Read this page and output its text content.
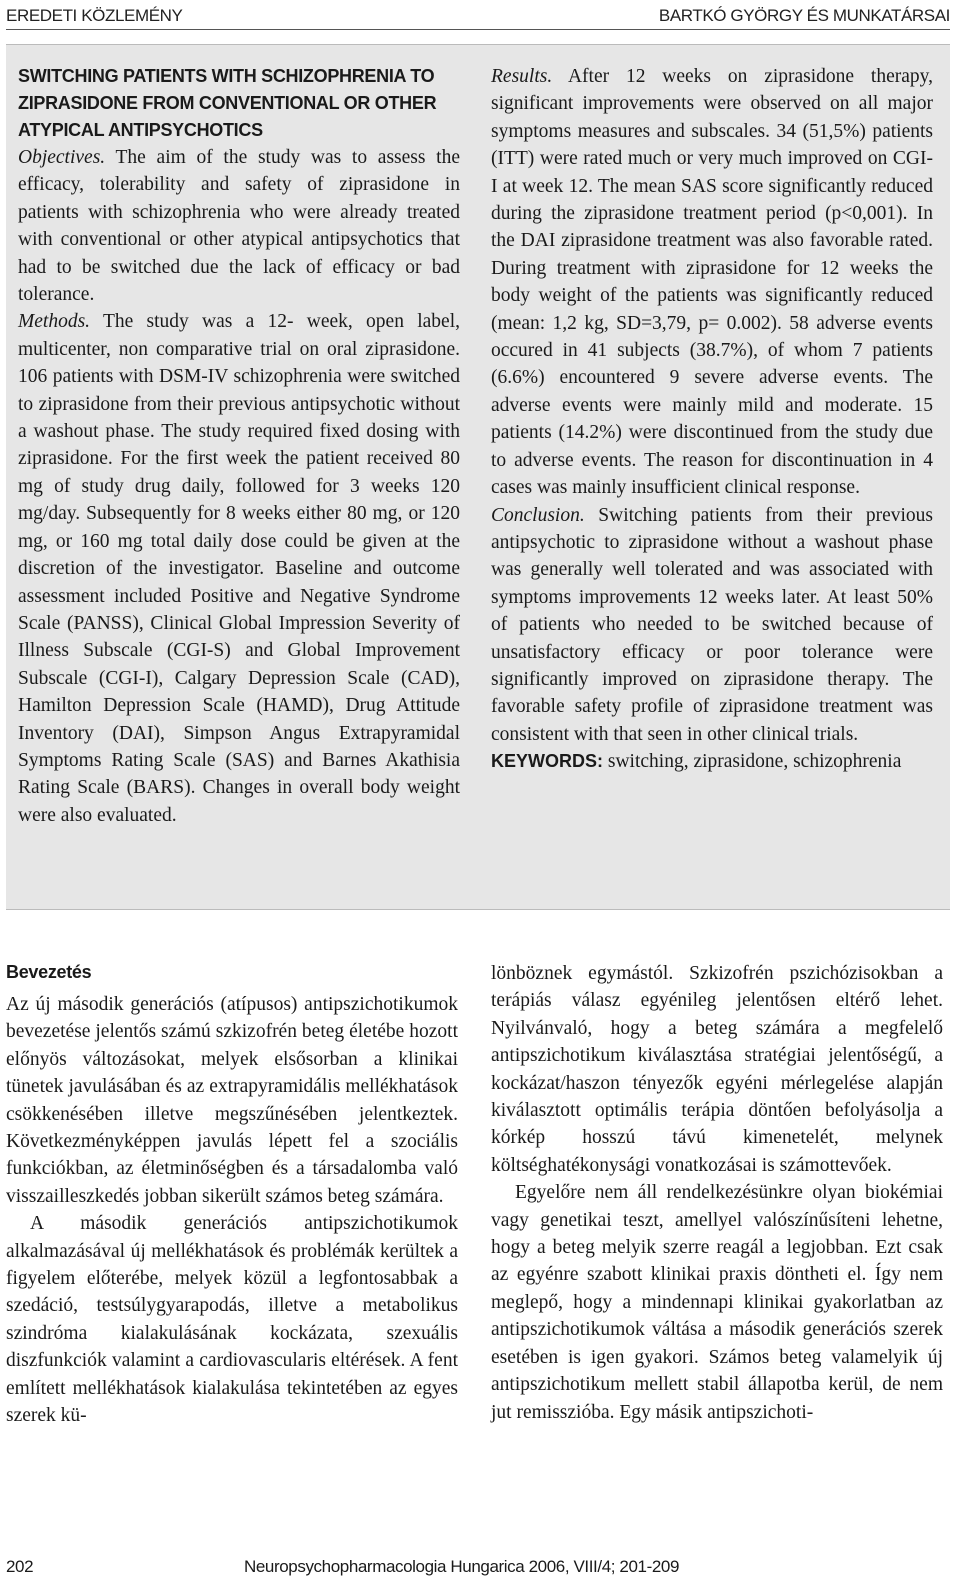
EREDETI KÖZLEMÉNY	BARTKÓ GYÖRGY ÉS MUNKATÁRSAI
SWITCHING PATIENTS WITH SCHIZOPHRENIA TO ZIPRASIDONE FROM CONVENTIONAL OR OTHER ATYPICAL ANTIPSYCHOTICS
Objectives. The aim of the study was to assess the efficacy, tolerability and safety of ziprasidone in patients with schizophrenia who were already treated with conventional or other atypical antipsychotics that had to be switched due the lack of efficacy or bad tolerance.
Methods. The study was a 12- week, open label, multicenter, non comparative trial on oral ziprasidone. 106 patients with DSM-IV schizophrenia were switched to ziprasidone from their previous antipsychotic without a washout phase. The study required fixed dosing with ziprasidone. For the first week the patient received 80 mg of study drug daily, followed for 3 weeks 120 mg/day. Subsequently for 8 weeks either 80 mg, or 120 mg, or 160 mg total daily dose could be given at the discretion of the investigator. Baseline and outcome assessment included Positive and Negative Syndrome Scale (PANSS), Clinical Global Impression Severity of Illness Subscale (CGI-S) and Global Improvement Subscale (CGI-I), Calgary Depression Scale (CAD), Hamilton Depression Scale (HAMD), Drug Attitude Inventory (DAI), Simpson Angus Extrapyramidal Symptoms Rating Scale (SAS) and Barnes Akathisia Rating Scale (BARS). Changes in overall body weight were also evaluated.
Results. After 12 weeks on ziprasidone therapy, significant improvements were observed on all major symptoms measures and subscales. 34 (51,5%) patients (ITT) were rated much or very much improved on CGI-I at week 12. The mean SAS score significantly reduced during the ziprasidone treatment period (p<0,001). In the DAI ziprasidone treatment was also favorable rated. During treatment with ziprasidone for 12 weeks the body weight of the patients was significantly reduced (mean: 1,2 kg, SD=3,79, p= 0.002). 58 adverse events occured in 41 subjects (38.7%), of whom 7 patients (6.6%) encountered 9 severe adverse events. The adverse events were mainly mild and moderate. 15 patients (14.2%) were discontinued from the study due to adverse events. The reason for discontinuation in 4 cases was mainly insufficient clinical response.
Conclusion. Switching patients from their previous antipsychotic to ziprasidone without a washout phase was generally well tolerated and was associated with symptoms improvements 12 weeks later. At least 50% of patients who needed to be switched because of unsatisfactory efficacy or poor tolerance were significantly improved on ziprasidone therapy. The favorable safety profile of ziprasidone treatment was consistent with that seen in other clinical trials.
KEYWORDS: switching, ziprasidone, schizophrenia
Bevezetés

Az új második generációs (atípusos) antipszichotikumok bevezetése jelentős számú szkizofrén beteg életébe hozott előnyös változásokat, melyek elsősorban a klinikai tünetek javulásában és az extrapyramidális mellékhatások csökkenésében illetve megszűnésében jelentkeztek. Következményképpen javulás lépett fel a szociális funkciókban, az életminőségben és a társadalomba való visszailleszkedés jobban sikerült számos beteg számára.

A második generációs antipszichotikumok alkalmazásával új mellékhatások és problémák kerültek a figyelem előterébe, melyek közül a legfontosabbak a szedáció, testsúlygyarapodás, illetve a metabolikus szindróma kialakulásának kockázata, szexuális diszfunkciók valamint a cardiovascularis eltérések. A fent említett mellékhatások kialakulása tekintetében az egyes szerek kü-

lönböznek egymástól. Szkizofrén pszichózisokban a terápiás válasz egyénileg jelentősen eltérő lehet. Nyilvánvaló, hogy a beteg számára a megfelelő antipszichotikum kiválasztása stratégiai jelentőségű, a kockázat/haszon tényezők egyéni mérlegelése alapján kiválasztott optimális terápia döntően befolyásolja a kórkép hosszú távú kimenetelét, melynek költséghatékonysági vonatkozásai is számottevőek.

Egyelőre nem áll rendelkezésünkre olyan biokémiai vagy genetikai teszt, amellyel valószínűsíteni lehetne, hogy a beteg melyik szerre reagál a legjobban. Ezt csak az egyénre szabott klinikai praxis döntheti el. Így nem meglepő, hogy a mindennapi klinikai gyakorlatban az antipszichotikumok váltása a második generációs szerek esetében is igen gyakori. Számos beteg valamelyik új antipszichotikum mellett stabil állapotba kerül, de nem jut remisszióba. Egy másik antipszichoti-

202	Neuropsychopharmacologia Hungarica 2006, VIII/4; 201-209
